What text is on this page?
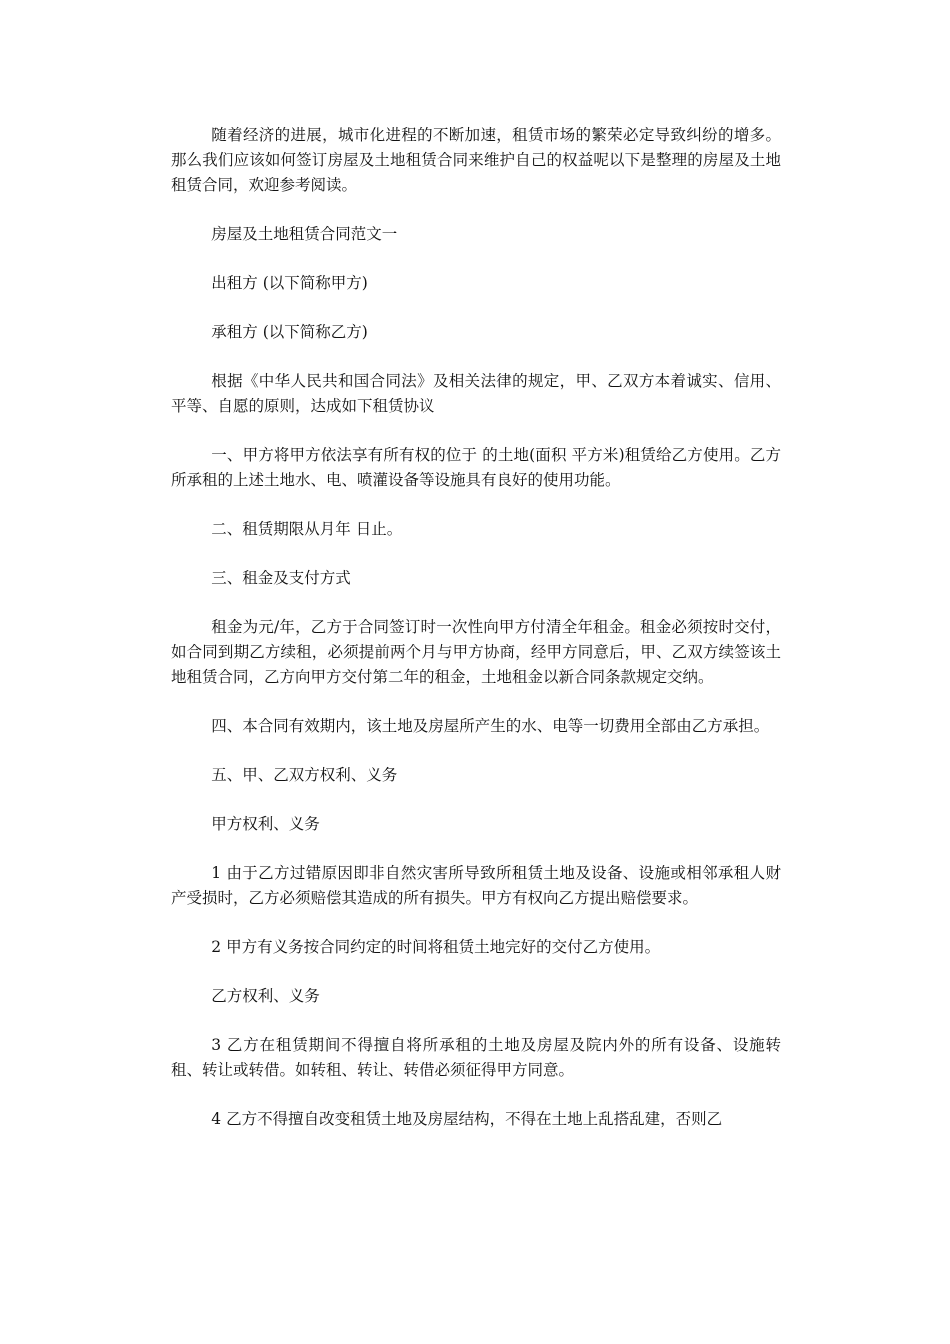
随着经济的进展，城市化进程的不断加速，租赁市场的繁荣必定导致纠纷的增多。那么我们应该如何签订房屋及土地租赁合同来维护自己的权益呢以下是整理的房屋及土地租赁合同，欢迎参考阅读。

房屋及土地租赁合同范文一

出租方 (以下简称甲方)

承租方 (以下简称乙方)

根据《中华人民共和国合同法》及相关法律的规定，甲、乙双方本着诚实、信用、平等、自愿的原则，达成如下租赁协议

一、甲方将甲方依法享有所有权的位于 的土地(面积 平方米)租赁给乙方使用。乙方所承租的上述土地水、电、喷灌设备等设施具有良好的使用功能。

二、租赁期限从月年 日止。

三、租金及支付方式

租金为元/年，乙方于合同签订时一次性向甲方付清全年租金。租金必须按时交付，如合同到期乙方续租，必须提前两个月与甲方协商，经甲方同意后，甲、乙双方续签该土地租赁合同，乙方向甲方交付第二年的租金，土地租金以新合同条款规定交纳。

四、本合同有效期内，该土地及房屋所产生的水、电等一切费用全部由乙方承担。

五、甲、乙双方权利、义务

甲方权利、义务

1 由于乙方过错原因即非自然灾害所导致所租赁土地及设备、设施或相邻承租人财产受损时，乙方必须赔偿其造成的所有损失。甲方有权向乙方提出赔偿要求。

2 甲方有义务按合同约定的时间将租赁土地完好的交付乙方使用。

乙方权利、义务

3 乙方在租赁期间不得擅自将所承租的土地及房屋及院内外的所有设备、设施转租、转让或转借。如转租、转让、转借必须征得甲方同意。

4 乙方不得擅自改变租赁土地及房屋结构，不得在土地上乱搭乱建，否则乙
